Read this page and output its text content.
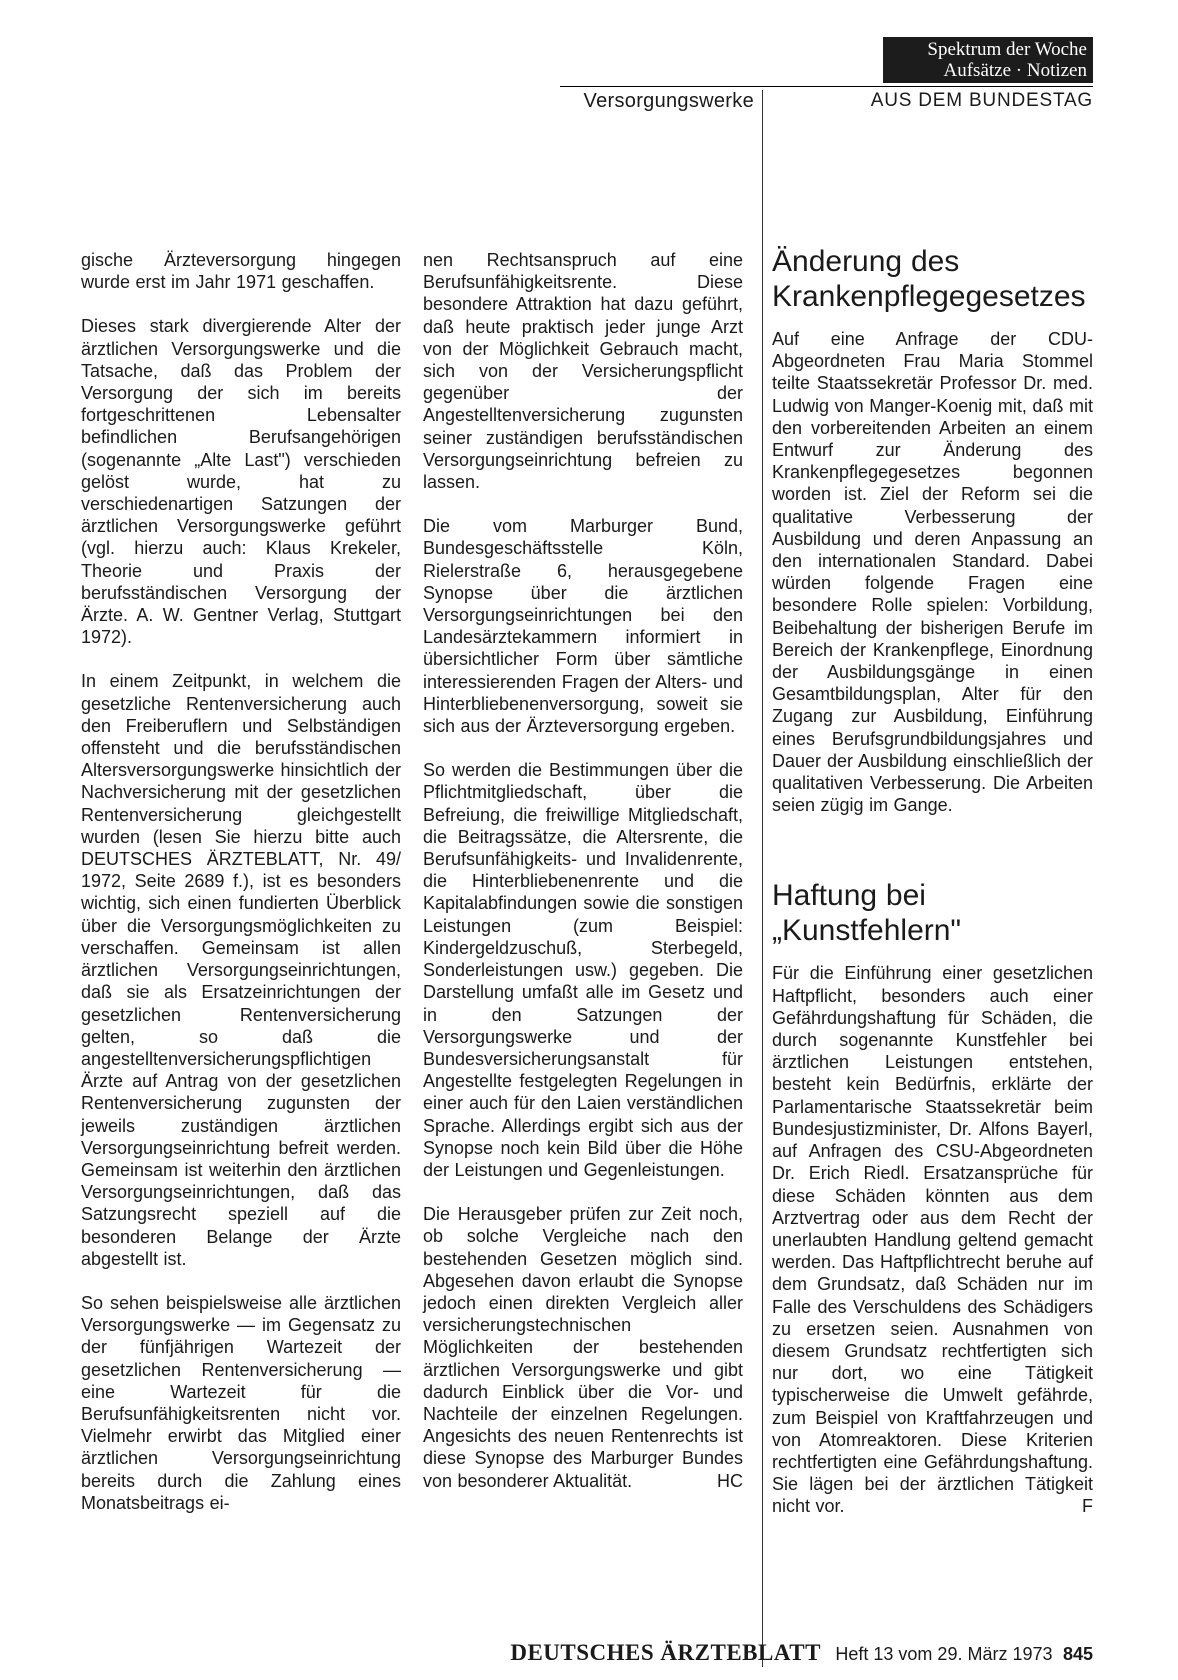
Spektrum der Woche
Aufsätze · Notizen
Versorgungswerke	AUS DEM BUNDESTAG

gische Ärzteversorgung hingegen wurde erst im Jahr 1971 geschaffen.

Dieses stark divergierende Alter der ärztlichen Versorgungswerke und die Tatsache, daß das Problem der Versorgung der sich im bereits fortgeschrittenen Lebensalter befindlichen Berufsangehörigen (sogenannte „Alte Last") verschieden gelöst wurde, hat zu verschiedenartigen Satzungen der ärztlichen Versorgungswerke geführt (vgl. hierzu auch: Klaus Krekeler, Theorie und Praxis der berufsständischen Versorgung der Ärzte. A. W. Gentner Verlag, Stuttgart 1972).

In einem Zeitpunkt, in welchem die gesetzliche Rentenversicherung auch den Freiberuflern und Selbständigen offensteht und die berufsständischen Altersversorgungswerke hinsichtlich der Nachversicherung mit der gesetzlichen Rentenversicherung gleichgestellt wurden (lesen Sie hierzu bitte auch DEUTSCHES ÄRZTEBLATT, Nr. 49/ 1972, Seite 2689 f.), ist es besonders wichtig, sich einen fundierten Überblick über die Versorgungsmöglichkeiten zu verschaffen. Gemeinsam ist allen ärztlichen Versorgungseinrichtungen, daß sie als Ersatzeinrichtungen der gesetzlichen Rentenversicherung gelten, so daß die angestelltenversicherungspflichtigen Ärzte auf Antrag von der gesetzlichen Rentenversicherung zugunsten der jeweils zuständigen ärztlichen Versorgungseinrichtung befreit werden. Gemeinsam ist weiterhin den ärztlichen Versorgungseinrichtungen, daß das Satzungsrecht speziell auf die besonderen Belange der Ärzte abgestellt ist.

So sehen beispielsweise alle ärztlichen Versorgungswerke — im Gegensatz zu der fünfjährigen Wartezeit der gesetzlichen Rentenversicherung — eine Wartezeit für die Berufsunfähigkeitsrenten nicht vor. Vielmehr erwirbt das Mitglied einer ärztlichen Versorgungseinrichtung bereits durch die Zahlung eines Monatsbeitrags ei-

nen Rechtsanspruch auf eine Berufsunfähigkeitsrente. Diese besondere Attraktion hat dazu geführt, daß heute praktisch jeder junge Arzt von der Möglichkeit Gebrauch macht, sich von der Versicherungspflicht gegenüber der Angestelltenversicherung zugunsten seiner zuständigen berufsständischen Versorgungseinrichtung befreien zu lassen.

Die vom Marburger Bund, Bundesgeschäftsstelle Köln, Rielerstraße 6, herausgegebene Synopse über die ärztlichen Versorgungseinrichtungen bei den Landesärztekammern informiert in übersichtlicher Form über sämtliche interessierenden Fragen der Alters- und Hinterbliebenenversorgung, soweit sie sich aus der Ärzteversorgung ergeben.

So werden die Bestimmungen über die Pflichtmitgliedschaft, über die Befreiung, die freiwillige Mitgliedschaft, die Beitragssätze, die Altersrente, die Berufsunfähigkeits- und Invalidenrente, die Hinterbliebenenrente und die Kapitalabfindungen sowie die sonstigen Leistungen (zum Beispiel: Kindergeldzuschuß, Sterbegeld, Sonderleistungen usw.) gegeben. Die Darstellung umfaßt alle im Gesetz und in den Satzungen der Versorgungswerke und der Bundesversicherungsanstalt für Angestellte festgelegten Regelungen in einer auch für den Laien verständlichen Sprache. Allerdings ergibt sich aus der Synopse noch kein Bild über die Höhe der Leistungen und Gegenleistungen.

Die Herausgeber prüfen zur Zeit noch, ob solche Vergleiche nach den bestehenden Gesetzen möglich sind. Abgesehen davon erlaubt die Synopse jedoch einen direkten Vergleich aller versicherungstechnischen Möglichkeiten der bestehenden ärztlichen Versorgungswerke und gibt dadurch Einblick über die Vor- und Nachteile der einzelnen Regelungen. Angesichts des neuen Rentenrechts ist diese Synopse des Marburger Bundes von besonderer Aktualität.	HC

Änderung des
Krankenpflegegesetzes

Auf eine Anfrage der CDU-Abgeordneten Frau Maria Stommel teilte Staatssekretär Professor Dr. med. Ludwig von Manger-Koenig mit, daß mit den vorbereitenden Arbeiten an einem Entwurf zur Änderung des Krankenpflegegesetzes begonnen worden ist. Ziel der Reform sei die qualitative Verbesserung der Ausbildung und deren Anpassung an den internationalen Standard. Dabei würden folgende Fragen eine besondere Rolle spielen: Vorbildung, Beibehaltung der bisherigen Berufe im Bereich der Krankenpflege, Einordnung der Ausbildungsgänge in einen Gesamtbildungsplan, Alter für den Zugang zur Ausbildung, Einführung eines Berufsgrundbildungsjahres und Dauer der Ausbildung einschließlich der qualitativen Verbesserung. Die Arbeiten seien zügig im Gange.

Haftung bei
„Kunstfehlern"

Für die Einführung einer gesetzlichen Haftpflicht, besonders auch einer Gefährdungshaftung für Schäden, die durch sogenannte Kunstfehler bei ärztlichen Leistungen entstehen, besteht kein Bedürfnis, erklärte der Parlamentarische Staatssekretär beim Bundesjustizminister, Dr. Alfons Bayerl, auf Anfragen des CSU-Abgeordneten Dr. Erich Riedl. Ersatzansprüche für diese Schäden könnten aus dem Arztvertrag oder aus dem Recht der unerlaubten Handlung geltend gemacht werden. Das Haftpflichtrecht beruhe auf dem Grundsatz, daß Schäden nur im Falle des Verschuldens des Schädigers zu ersetzen seien. Ausnahmen von diesem Grundsatz rechtfertigten sich nur dort, wo eine Tätigkeit typischerweise die Umwelt gefährde, zum Beispiel von Kraftfahrzeugen und von Atomreaktoren. Diese Kriterien rechtfertigten eine Gefährdungshaftung. Sie lägen bei der ärztlichen Tätigkeit nicht vor.	F

DEUTSCHES ÄRZTEBLATT Heft 13 vom 29. März 1973 845
